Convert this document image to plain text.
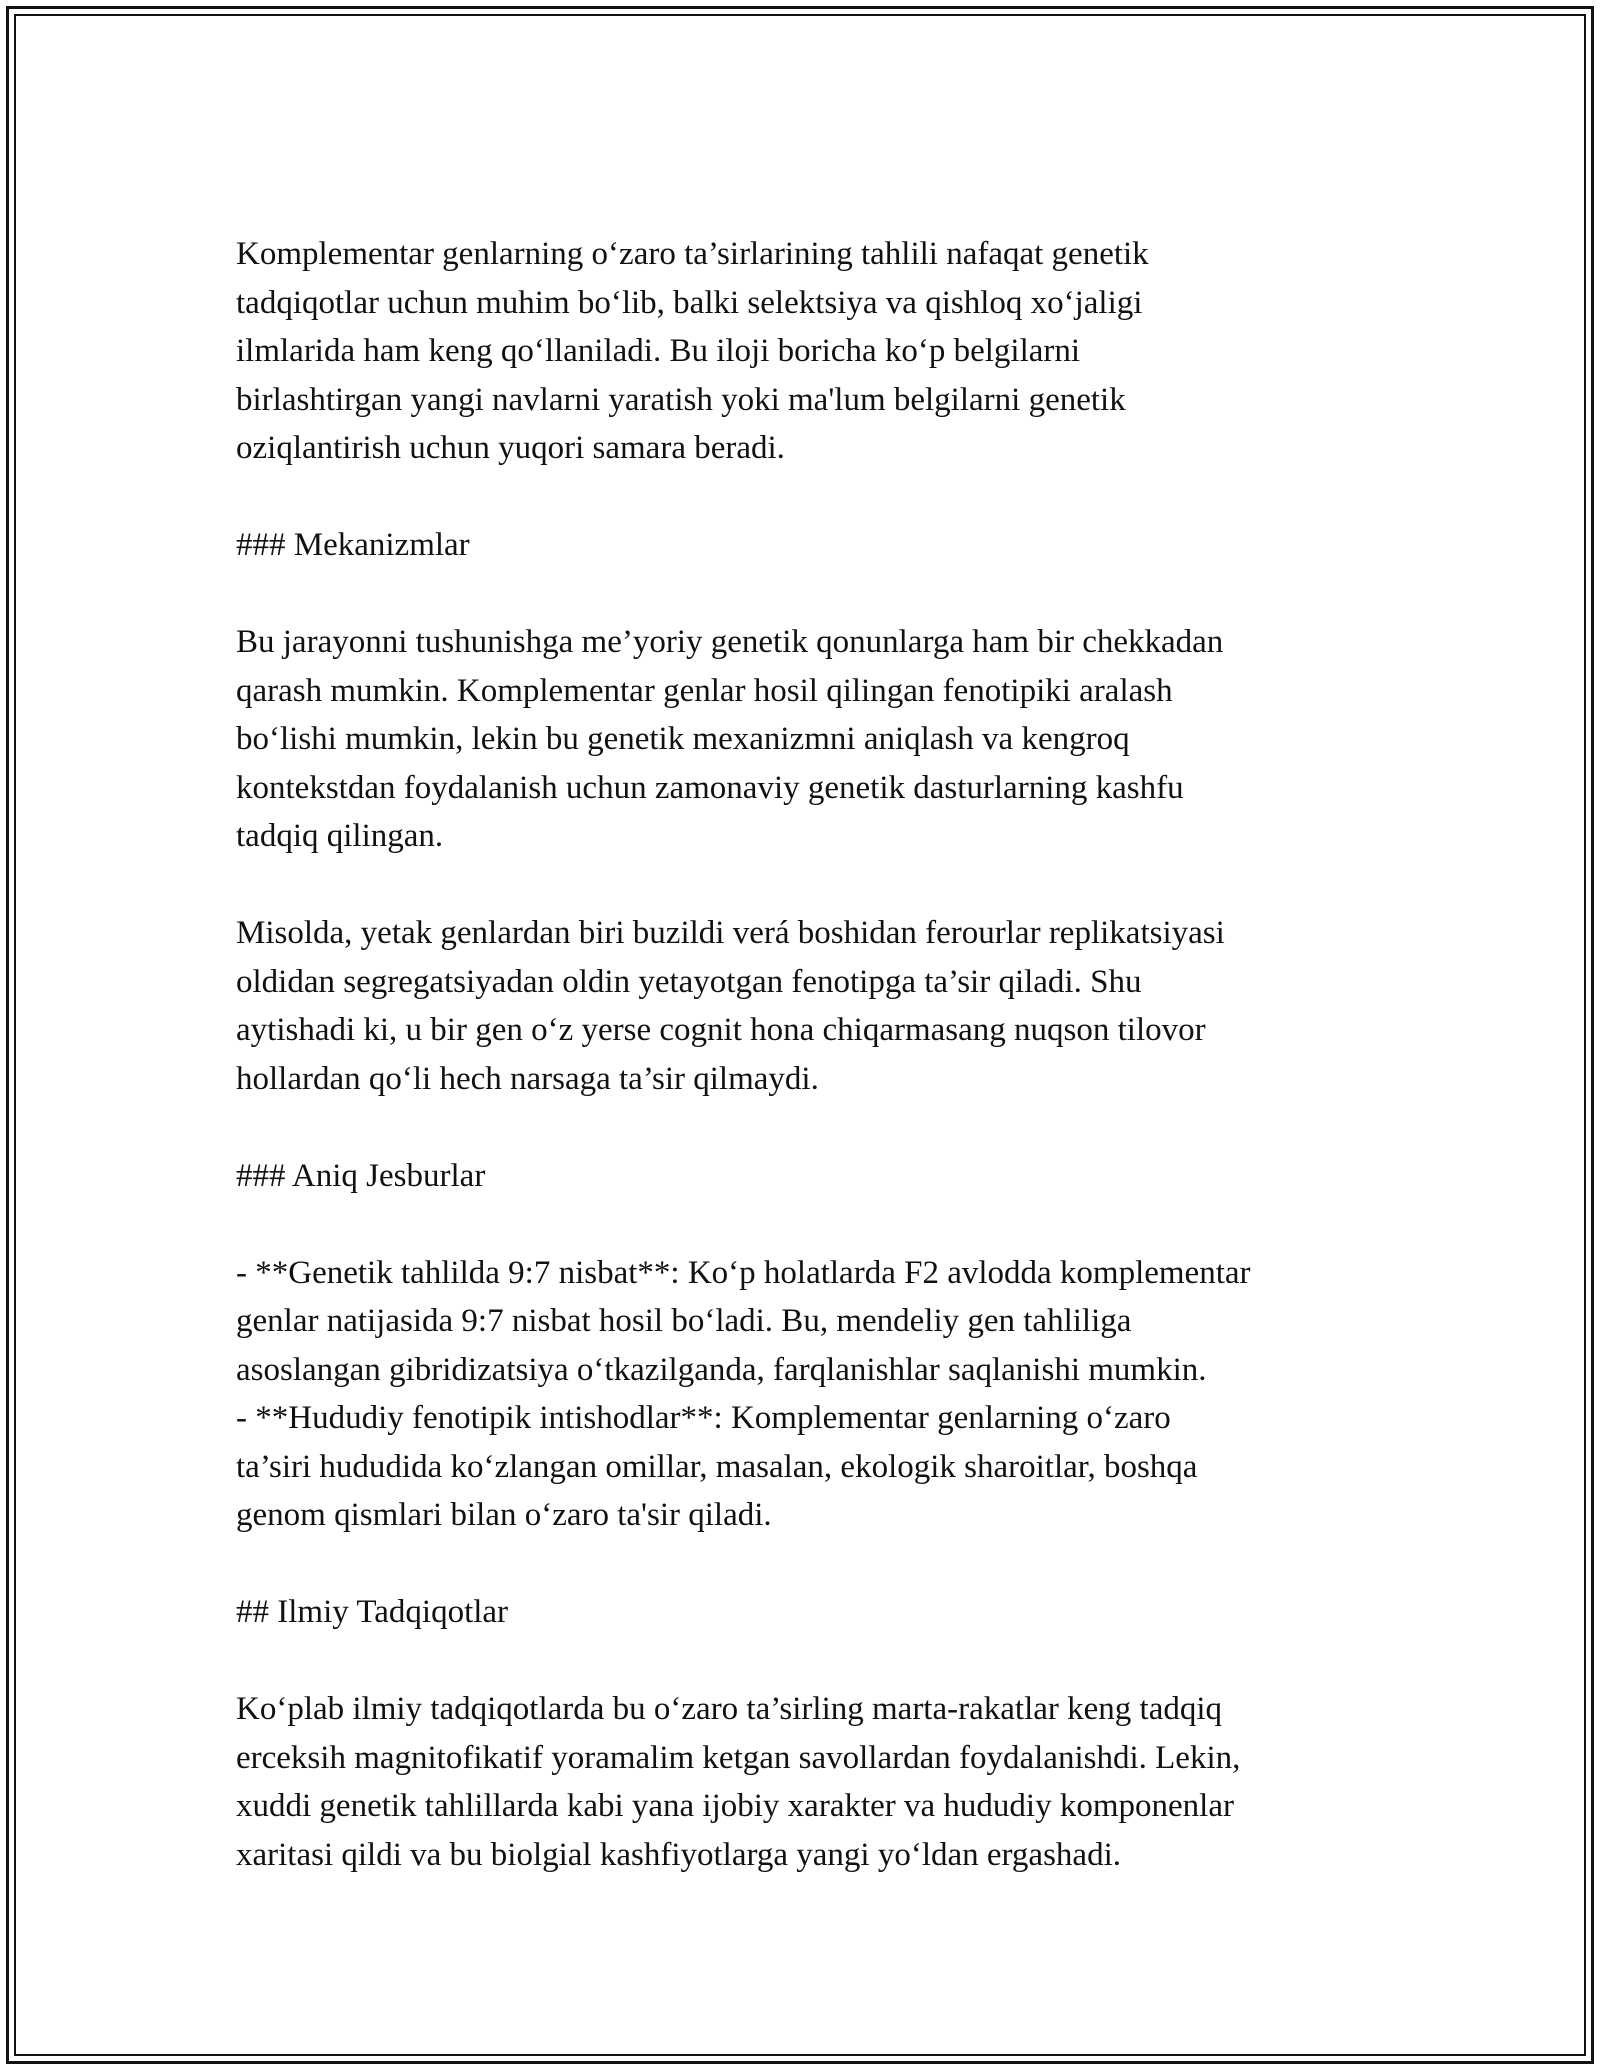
Komplementar genlarning o‘zaro ta’sirlarining tahlili nafaqat genetik
tadqiqotlar uchun muhim bo‘lib, balki selektsiya va qishloq xo‘jaligi
ilmlarida ham keng qo‘llaniladi. Bu iloji boricha ko‘p belgilarni
birlashtirgan yangi navlarni yaratish yoki ma'lum belgilarni genetik
oziqlantirish uchun yuqori samara beradi.

### Mekanizmlar

Bu jarayonni tushunishga me’yoriy genetik qonunlarga ham bir chekkadan
qarash mumkin. Komplementar genlar hosil qilingan fenotipiki aralash
bo‘lishi mumkin, lekin bu genetik mexanizmni aniqlash va kengroq
kontekstdan foydalanish uchun zamonaviy genetik dasturlarning kashfu
tadqiq qilingan.

Misolda, yetak genlardan biri buzildi verá boshidan ferourlar replikatsiyasi
oldidan segregatsiyadan oldin yetayotgan fenotipga ta’sir qiladi. Shu
aytishadi ki, u bir gen o‘z yerse cognit hona chiqarmasang nuqson tilovor
hollardan qo‘li hech narsaga ta’sir qilmaydi.

### Aniq Jesburlar

- **Genetik tahlilda 9:7 nisbat**: Ko‘p holatlarda F2 avlodda komplementar
genlar natijasida 9:7 nisbat hosil bo‘ladi. Bu, mendeliy gen tahliliga
asoslangan gibridizatsiya o‘tkazilganda, farqlanishlar saqlanishi mumkin.
- **Hududiy fenotipik intishodlar**: Komplementar genlarning o‘zaro
ta’siri hududida ko‘zlangan omillar, masalan, ekologik sharoitlar, boshqa
genom qismlari bilan o‘zaro ta'sir qiladi.

## Ilmiy Tadqiqotlar

Ko‘plab ilmiy tadqiqotlarda bu o‘zaro ta’sirling marta-rakatlar keng tadqiq
erceksih magnitofikatif yoramalim ketgan savollardan foydalanishdi. Lekin,
xuddi genetik tahlillarda kabi yana ijobiy xarakter va hududiy komponenlar
xaritasi qildi va bu biolgial kashfiyotlarga yangi yo‘ldan ergashadi.
